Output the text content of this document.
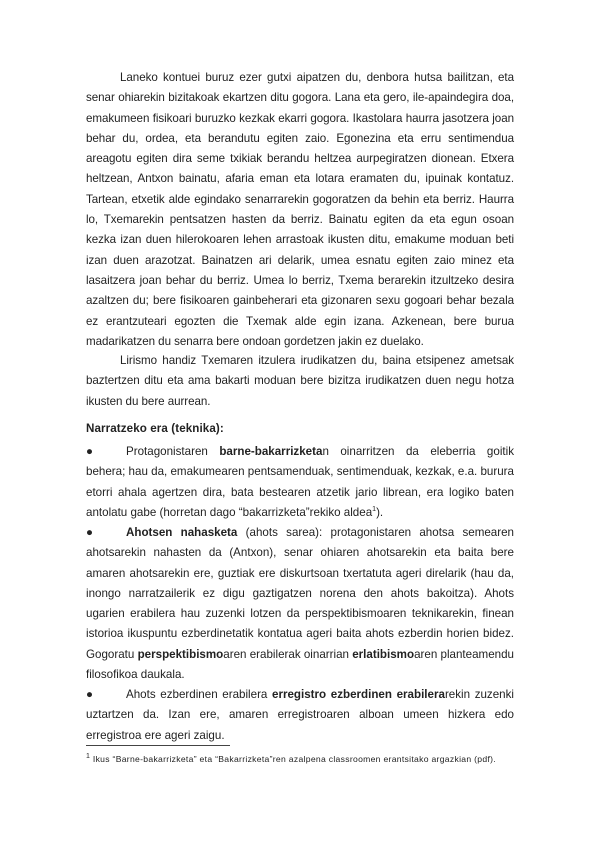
Laneko kontuei buruz ezer gutxi aipatzen du, denbora hutsa bailitzan, eta senar ohiarekin bizitakoak ekartzen ditu gogora. Lana eta gero, ile-apaindegira doa, emakumeen fisikoari buruzko kezkak ekarri gogora. Ikastolara haurra jasotzera joan behar du, ordea, eta berandutu egiten zaio. Egonezina eta erru sentimendua areagotu egiten dira seme txikiak berandu heltzea aurpegiratzen dionean. Etxera heltzean, Antxon bainatu, afaria eman eta lotara eramaten du, ipuinak kontatuz. Tartean, etxetik alde egindako senarrarekin gogoratzen da behin eta berriz. Haurra lo, Txemarekin pentsatzen hasten da berriz. Bainatu egiten da eta egun osoan kezka izan duen hilerokoaren lehen arrastoak ikusten ditu, emakume moduan beti izan duen arazotzat. Bainatzen ari delarik, umea esnatu egiten zaio minez eta lasaitzera joan behar du berriz. Umea lo berriz, Txema berarekin itzultzeko desira azaltzen du; bere fisikoaren gainbeherari eta gizonaren sexu gogoari behar bezala ez erantzuteari egozten die Txemak alde egin izana. Azkenean, bere burua madarikatzen du senarra bere ondoan gordetzen jakin ez duelako.
Lirismo handiz Txemaren itzulera irudikatzen du, baina etsipenez ametsak baztertzen ditu eta ama bakarti moduan bere bizitza irudikatzen duen negu hotza ikusten du bere aurrean.
Narratzeko era (teknika):
●	Protagonistaren barne-bakarrizketan oinarritzen da eleberria goitik behera; hau da, emakumearen pentsamenduak, sentimenduak, kezkak, e.a. burura etorri ahala agertzen dira, bata bestearen atzetik jario librean, era logiko baten antolatu gabe (horretan dago “bakarrizketa”rekiko aldea$^1$).
●	Ahotsen nahasketa (ahots sarea): protagonistaren ahotsa semearen ahotsarekin nahasten da (Antxon), senar ohiaren ahotsarekin eta baita bere amaren ahotsarekin ere, guztiak ere diskurtsoan txertatuta ageri direlarik (hau da, inongo narratzailerik ez digu gaztigatzen norena den ahots bakoitza). Ahots ugarien erabilera hau zuzenki lotzen da perspektibismoaren teknikarekin, finean istorioa ikuspuntu ezberdinetatik kontatua ageri baita ahots ezberdin horien bidez. Gogoratu perspektibismoaren erabilerak oinarrian erlatibismoaren planteamendu filosofikoa daukala.
●	Ahots ezberdinen erabilera erregistro ezberdinen erabilerarekin zuzenki uztartzen da. Izan ere, amaren erregistroaren alboan umeen hizkera edo erregistroa ere ageri zaigu.
$^1$ Ikus “Barne-bakarrizketa” eta “Bakarrizketa”ren azalpena classroomen erantsitako argazkian (pdf).
